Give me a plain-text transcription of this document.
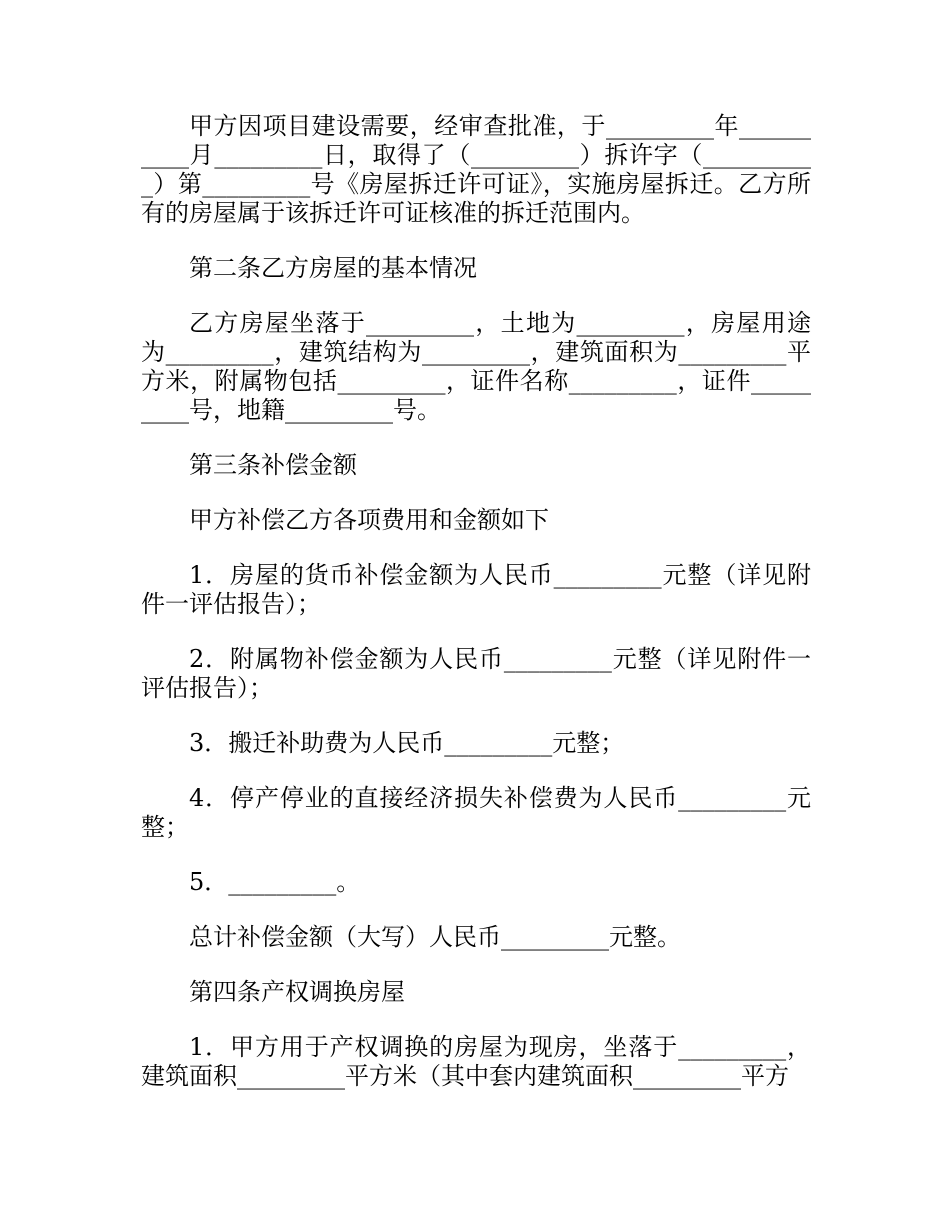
甲方因项目建设需要，经审查批准，于_________年__________月_________日，取得了（_________）拆许字（__________）第_________号《房屋拆迁许可证》，实施房屋拆迁。乙方所有的房屋属于该拆迁许可证核准的拆迁范围内。

第二条乙方房屋的基本情况

乙方房屋坐落于_________，土地为_________，房屋用途为_________，建筑结构为_________，建筑面积为_________平方米，附属物包括_________，证件名称_________，证件_________号，地籍_________号。

第三条补偿金额

甲方补偿乙方各项费用和金额如下

1．房屋的货币补偿金额为人民币_________元整（详见附件一评估报告）；

2．附属物补偿金额为人民币_________元整（详见附件一评估报告）；

3．搬迁补助费为人民币_________元整；

4．停产停业的直接经济损失补偿费为人民币_________元整；

5．_________。

总计补偿金额（大写）人民币_________元整。

第四条产权调换房屋

1．甲方用于产权调换的房屋为现房，坐落于_________，建筑面积_________平方米（其中套内建筑面积_________平方
